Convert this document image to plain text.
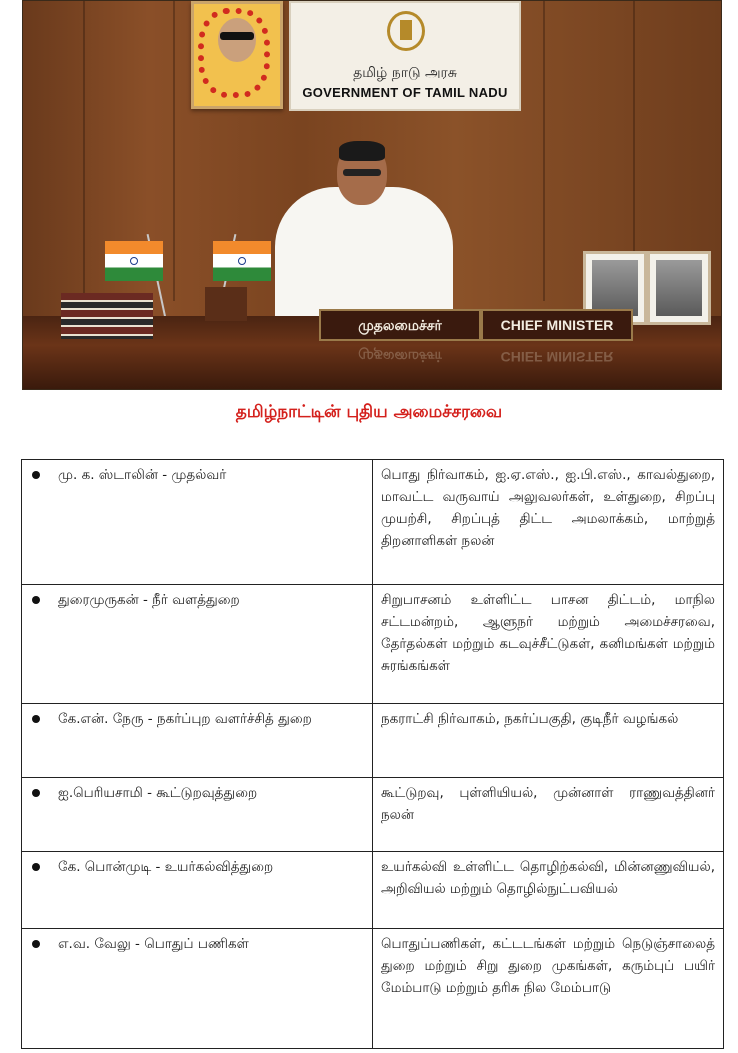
தமிழ் நாடு அரசு
GOVERNMENT OF TAMIL NADU
முதலமைச்சர்	CHIEF MINISTER
முதலமைச்சர்	CHIEF MINISTER
தமிழ்நாட்டின் புதிய அமைச்சரவை
மு. க. ஸ்டாலின் - முதல்வர்	பொது நிர்வாகம், ஐ.ஏ.எஸ்., ஐ.பி.எஸ்., காவல்துறை, மாவட்ட வருவாய் அலுவலர்கள், உள்துறை, சிறப்பு முயற்சி, சிறப்புத் திட்ட அமலாக்கம், மாற்றுத் திறனாளிகள் நலன்
துரைமுருகன் - நீர் வளத்துறை	சிறுபாசனம் உள்ளிட்ட பாசன திட்டம், மாநில சட்டமன்றம், ஆளுநர் மற்றும் அமைச்சரவை, தேர்தல்கள் மற்றும் கடவுச்சீட்டுகள், கனிமங்கள் மற்றும் சுரங்கங்கள்
கே.என். நேரு - நகர்ப்புற வளர்ச்சித் துறை	நகராட்சி நிர்வாகம், நகர்ப்பகுதி, குடிநீர் வழங்கல்
ஐ.பெரியசாமி - கூட்டுறவுத்துறை	கூட்டுறவு, புள்ளியியல், முன்னாள் ராணுவத்தினர் நலன்
கே. பொன்முடி - உயர்கல்வித்துறை	உயர்கல்வி உள்ளிட்ட தொழிற்கல்வி, மின்னணுவியல், அறிவியல் மற்றும் தொழில்நுட்பவியல்
எ.வ. வேலு - பொதுப் பணிகள்	பொதுப்பணிகள், கட்டடங்கள் மற்றும் நெடுஞ்சாலைத் துறை மற்றும் சிறு துறை முகங்கள், கரும்புப் பயிர் மேம்பாடு மற்றும் தரிசு நில மேம்பாடு
